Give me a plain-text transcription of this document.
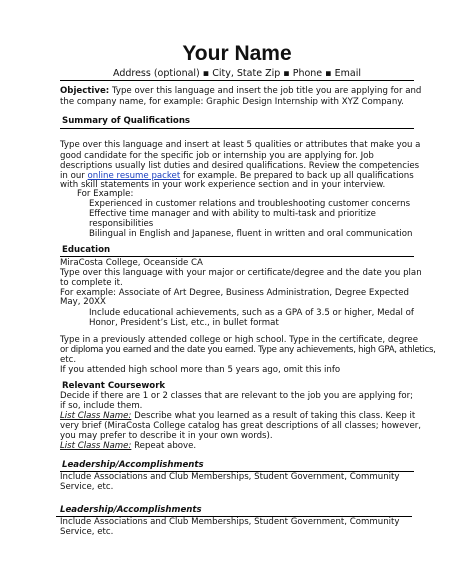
Your Name
Address (optional) ▪ City, State Zip ▪ Phone ▪ Email
Objective: Type over this language and insert the job title you are applying for and
the company name, for example: Graphic Design Internship with XYZ Company.
Summary of Qualifications
Type over this language and insert at least 5 qualities or attributes that make you a
good candidate for the specific job or internship you are applying for. Job
descriptions usually list duties and desired qualifications. Review the competencies
in our online resume packet for example. Be prepared to back up all qualifications
with skill statements in your work experience section and in your interview.
For Example:
Experienced in customer relations and troubleshooting customer concerns
Effective time manager and with ability to multi-task and prioritize
responsibilities
Bilingual in English and Japanese, fluent in written and oral communication
Education
MiraCosta College, Oceanside CA
Type over this language with your major or certificate/degree and the date you plan
to complete it.
For example: Associate of Art Degree, Business Administration, Degree Expected
May, 20XX
Include educational achievements, such as a GPA of 3.5 or higher, Medal of
Honor, President’s List, etc., in bullet format
Type in a previously attended college or high school. Type in the certificate, degree
or diploma you earned and the date you earned. Type any achievements, high GPA, athletics,
etc.
If you attended high school more than 5 years ago, omit this info
Relevant Coursework
Decide if there are 1 or 2 classes that are relevant to the job you are applying for;
if so, include them.
List Class Name: Describe what you learned as a result of taking this class. Keep it
very brief (MiraCosta College catalog has great descriptions of all classes; however,
you may prefer to describe it in your own words).
List Class Name: Repeat above.
Leadership/Accomplishments
Include Associations and Club Memberships, Student Government, Community
Service, etc.
Leadership/Accomplishments
Include Associations and Club Memberships, Student Government, Community
Service, etc.
